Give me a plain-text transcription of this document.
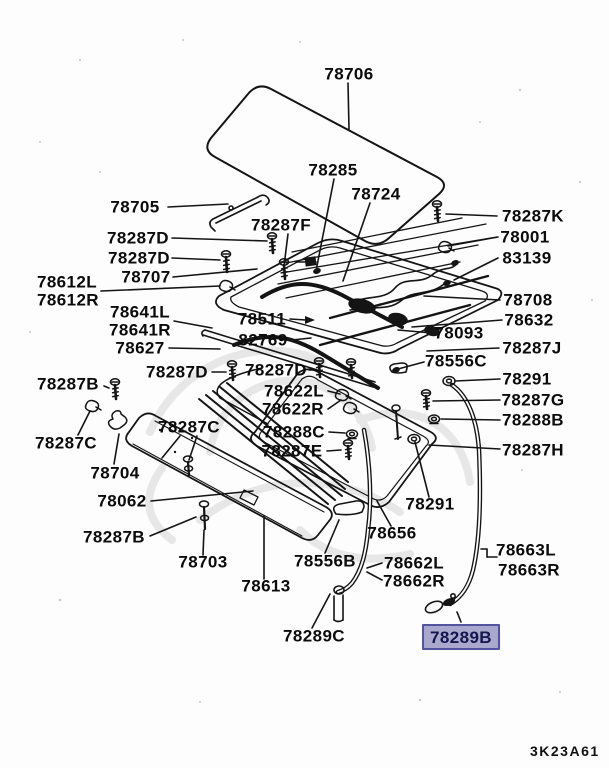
78706
78285
78724
78705
78287F
78287D
78287D
78707
78612L
78612R
78641L
78641R
78627
78511
82769
78287K
78001
83139
78708
78632
78093
78287J
78556C
78291
78287G
78288B
78287H
78287D 78287D
78287B
78287C
78287C
78622L
78622R
78288C
78287E
78704
78062
78287B
78291
78656
78703	78556B
78613
78662L
78662R
78663L
78663R
78289C	78289B
3K23A61
